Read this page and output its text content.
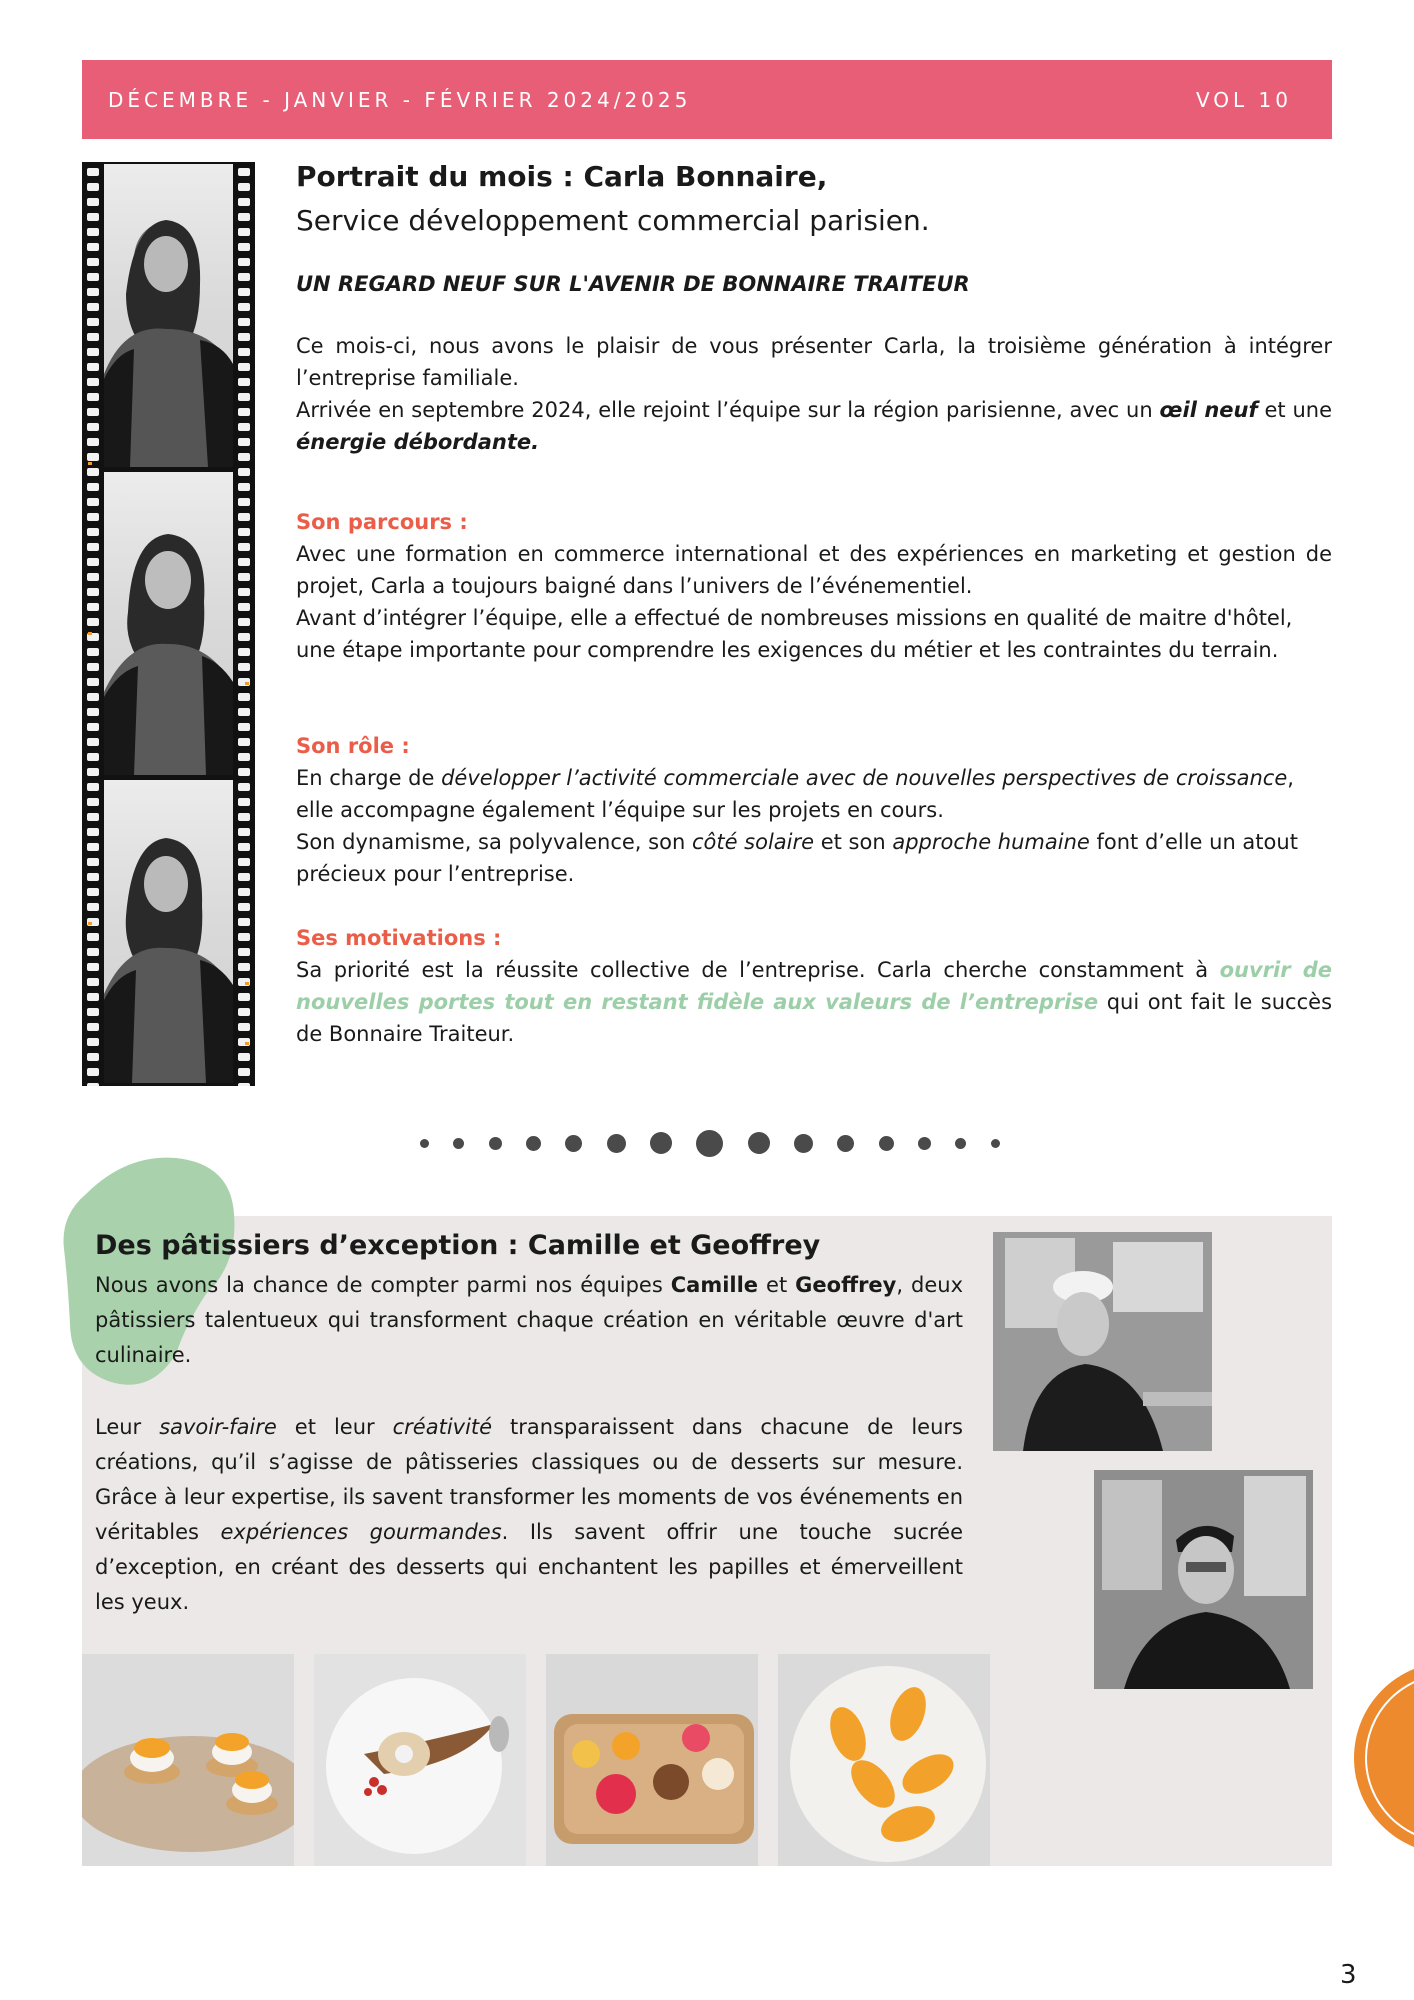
DÉCEMBRE - JANVIER - FÉVRIER 2024/2025	VOL 10
Portrait du mois : Carla Bonnaire,
Service développement commercial parisien.
UN REGARD NEUF SUR L'AVENIR DE BONNAIRE TRAITEUR

Ce mois-ci, nous avons le plaisir de vous présenter Carla, la troisième génération à intégrer l’entreprise familiale.

Arrivée en septembre 2024, elle rejoint l’équipe sur la région parisienne, avec un œil neuf et une énergie débordante.

Son parcours :

Avec une formation en commerce international et des expériences en marketing et gestion de projet, Carla a toujours baigné dans l’univers de l’événementiel.

Avant d’intégrer l’équipe, elle a effectué de nombreuses missions en qualité de maitre d'hôtel, une étape importante pour comprendre les exigences du métier et les contraintes du terrain.

Son rôle :

En charge de développer l’activité commerciale avec de nouvelles perspectives de croissance, elle accompagne également l’équipe sur les projets en cours.

Son dynamisme, sa polyvalence, son côté solaire et son approche humaine font d’elle un atout précieux pour l’entreprise.

Ses motivations :

Sa priorité est la réussite collective de l’entreprise. Carla cherche constamment à ouvrir de nouvelles portes tout en restant fidèle aux valeurs de l’entreprise qui ont fait le succès de Bonnaire Traiteur.

Des pâtissiers d’exception : Camille et Geoffrey

Nous avons la chance de compter parmi nos équipes Camille et Geoffrey, deux pâtissiers talentueux qui transforment chaque création en véritable œuvre d'art culinaire.

Leur savoir-faire et leur créativité transparaissent dans chacune de leurs créations, qu’il s’agisse de pâtisseries classiques ou de desserts sur mesure. Grâce à leur expertise, ils savent transformer les moments de vos événements en véritables expériences gourmandes. Ils savent offrir une touche sucrée d’exception, en créant des desserts qui enchantent les papilles et émerveillent les yeux.

3
